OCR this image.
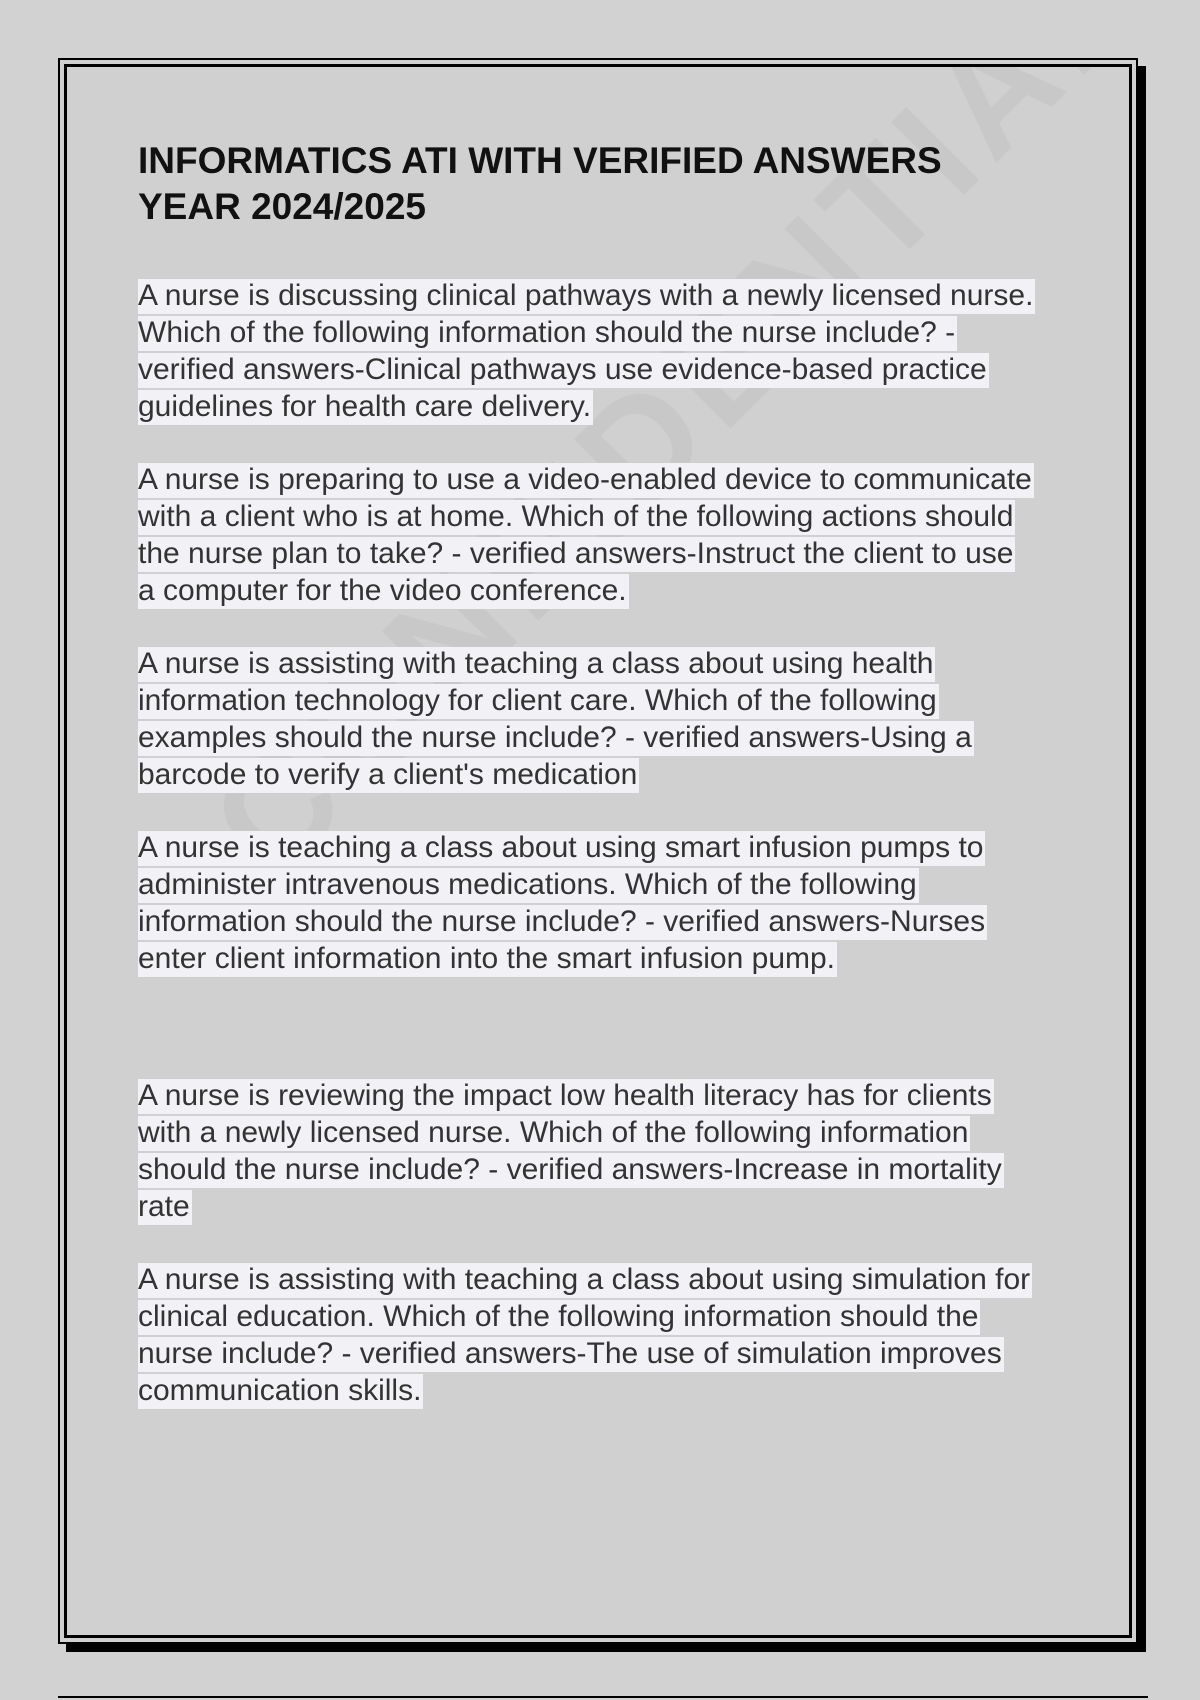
INFORMATICS ATI WITH VERIFIED ANSWERS
YEAR 2024/2025

A nurse is discussing clinical pathways with a newly licensed nurse. Which of the following information should the nurse include? - verified answers-Clinical pathways use evidence-based practice guidelines for health care delivery.

A nurse is preparing to use a video-enabled device to communicate with a client who is at home. Which of the following actions should the nurse plan to take? - verified answers-Instruct the client to use a computer for the video conference.

A nurse is assisting with teaching a class about using health information technology for client care. Which of the following examples should the nurse include? - verified answers-Using a barcode to verify a client's medication

A nurse is teaching a class about using smart infusion pumps to administer intravenous medications. Which of the following information should the nurse include? - verified answers-Nurses enter client information into the smart infusion pump.

A nurse is reviewing the impact low health literacy has for clients with a newly licensed nurse. Which of the following information should the nurse include? - verified answers-Increase in mortality rate

A nurse is assisting with teaching a class about using simulation for clinical education. Which of the following information should the nurse include? - verified answers-The use of simulation improves communication skills.
